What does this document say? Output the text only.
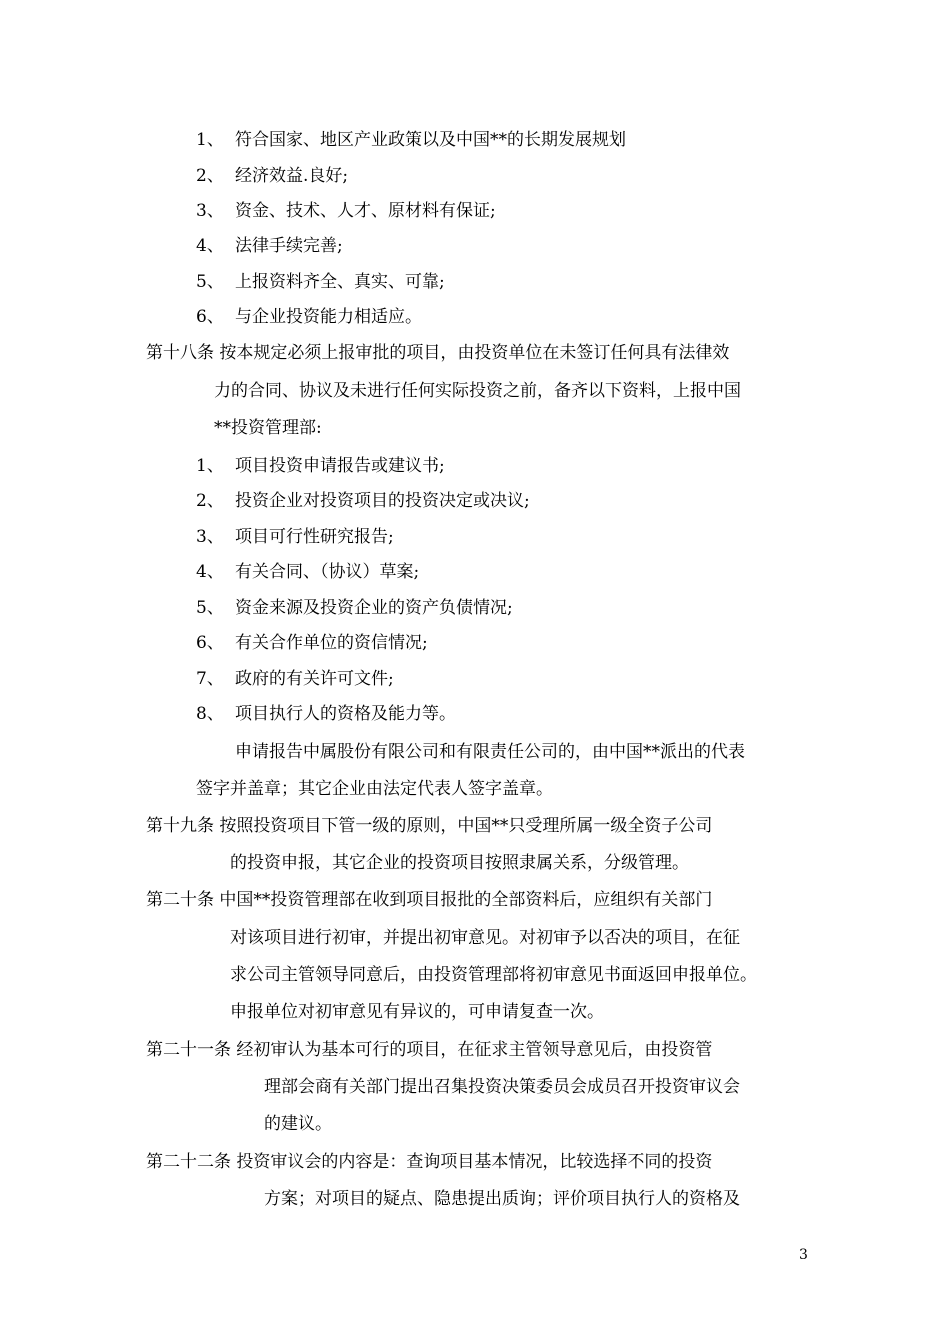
1、 符合国家、地区产业政策以及中国**的长期发展规划
2、 经济效益.良好;
3、 资金、技术、人才、原材料有保证;
4、 法律手续完善;
5、 上报资料齐全、真实、可靠;
6、 与企业投资能力相适应。
第十八条 按本规定必须上报审批的项目，由投资单位在未签订任何具有法律效
力的合同、协议及未进行任何实际投资之前，备齐以下资料，上报中国
**投资管理部:
1、 项目投资申请报告或建议书;
2、 投资企业对投资项目的投资决定或决议;
3、 项目可行性研究报告;
4、 有关合同、（协议）草案;
5、 资金来源及投资企业的资产负债情况;
6、 有关合作单位的资信情况;
7、 政府的有关许可文件;
8、 项目执行人的资格及能力等。
申请报告中属股份有限公司和有限责任公司的，由中国**派出的代表
签字并盖章；其它企业由法定代表人签字盖章。
第十九条 按照投资项目下管一级的原则，中国**只受理所属一级全资子公司
的投资申报，其它企业的投资项目按照隶属关系，分级管理。
第二十条 中国**投资管理部在收到项目报批的全部资料后，应组织有关部门
对该项目进行初审，并提出初审意见。对初审予以否决的项目，在征
求公司主管领导同意后，由投资管理部将初审意见书面返回申报单位。
申报单位对初审意见有异议的，可申请复查一次。
第二十一条 经初审认为基本可行的项目，在征求主管领导意见后，由投资管
理部会商有关部门提出召集投资决策委员会成员召开投资审议会
的建议。
第二十二条 投资审议会的内容是：查询项目基本情况，比较选择不同的投资
方案；对项目的疑点、隐患提出质询；评价项目执行人的资格及
3
